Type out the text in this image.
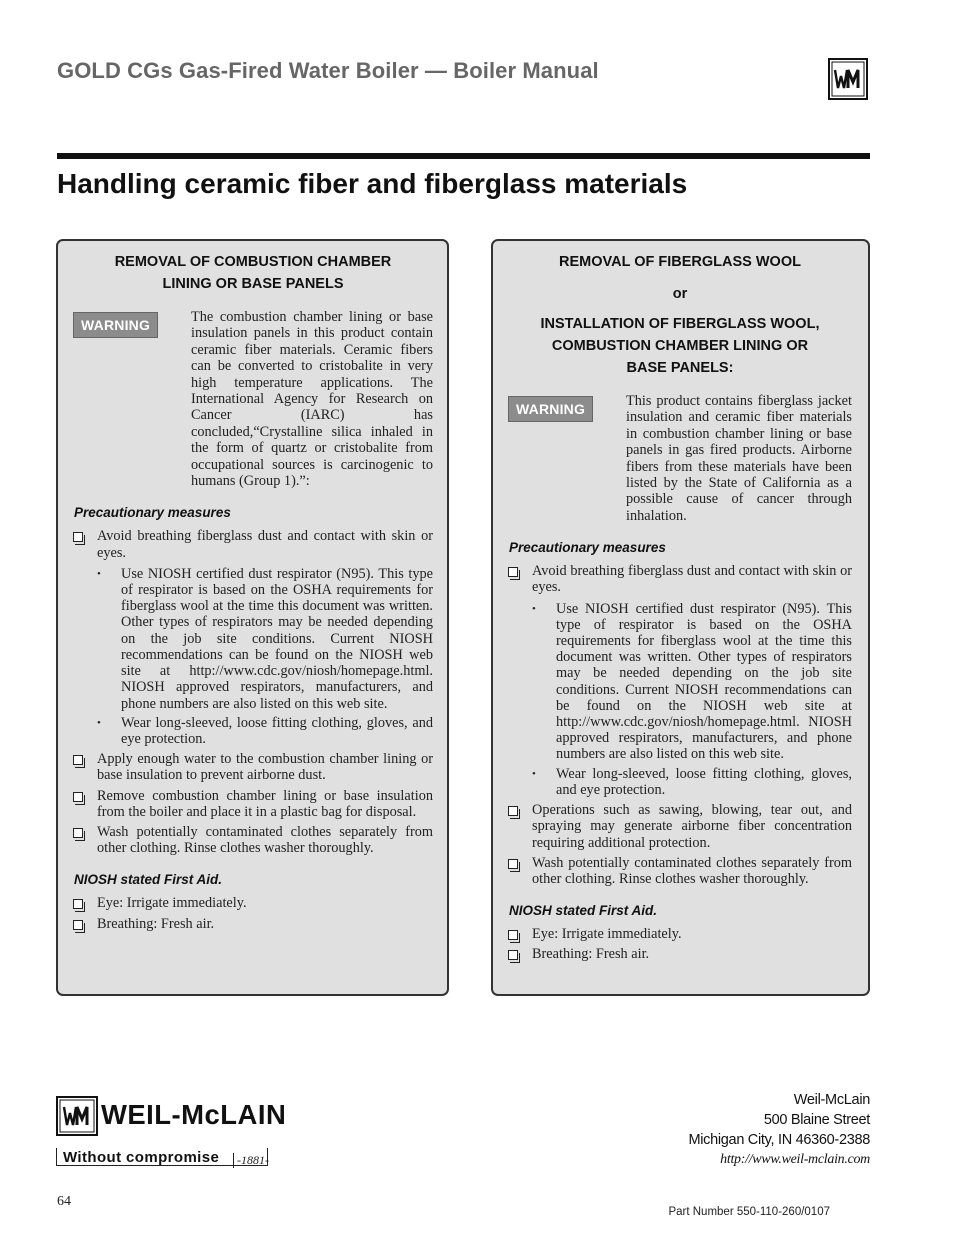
GOLD CGs Gas-Fired Water Boiler — Boiler Manual
Handling ceramic fiber and fiberglass materials
REMOVAL OF COMBUSTION CHAMBER
LINING OR BASE PANELS
WARNING	The combustion chamber lining or base insulation panels in this product contain ceramic fiber materials. Ceramic fibers can be converted to cristobalite in very high temperature applications. The International Agency for Research on Cancer (IARC) has concluded,“Crystalline silica inhaled in the form of quartz or cristobalite from occupational sources is carcinogenic to humans (Group 1).”:
Precautionary measures
Avoid breathing fiberglass dust and contact with skin or eyes.
• Use NIOSH certified dust respirator (N95). This type of respirator is based on the OSHA requirements for fiberglass wool at the time this document was written. Other types of respirators may be needed depending on the job site conditions. Current NIOSH recommendations can be found on the NIOSH web site at http://www.cdc.gov/niosh/homepage.html. NIOSH approved respirators, manufacturers, and phone numbers are also listed on this web site.
• Wear long-sleeved, loose fitting clothing, gloves, and eye protection.
Apply enough water to the combustion chamber lining or base insulation to prevent airborne dust.
Remove combustion chamber lining or base insulation from the boiler and place it in a plastic bag for disposal.
Wash potentially contaminated clothes separately from other clothing. Rinse clothes washer thoroughly.
NIOSH stated First Aid.
Eye: Irrigate immediately.
Breathing: Fresh air.
REMOVAL OF FIBERGLASS WOOL
or
INSTALLATION OF FIBERGLASS WOOL,
COMBUSTION CHAMBER LINING OR
BASE PANELS:
WARNING	This product contains fiberglass jacket insulation and ceramic fiber materials in combustion chamber lining or base panels in gas fired products. Airborne fibers from these materials have been listed by the State of California as a possible cause of cancer through inhalation.
Precautionary measures
Avoid breathing fiberglass dust and contact with skin or eyes.
• Use NIOSH certified dust respirator (N95). This type of respirator is based on the OSHA requirements for fiberglass wool at the time this document was written. Other types of respirators may be needed depending on the job site conditions. Current NIOSH recommendations can be found on the NIOSH web site at http://www.cdc.gov/niosh/homepage.html. NIOSH approved respirators, manufacturers, and phone numbers are also listed on this web site.
• Wear long-sleeved, loose fitting clothing, gloves, and eye protection.
Operations such as sawing, blowing, tear out, and spraying may generate airborne fiber concentration requiring additional protection.
Wash potentially contaminated clothes separately from other clothing. Rinse clothes washer thoroughly.
NIOSH stated First Aid.
Eye: Irrigate immediately.
Breathing: Fresh air.
WEIL-McLAIN
Without compromise	-1881-
Weil-McLain
500 Blaine Street
Michigan City, IN 46360-2388
http://www.weil-mclain.com
64
Part Number 550-110-260/0107
